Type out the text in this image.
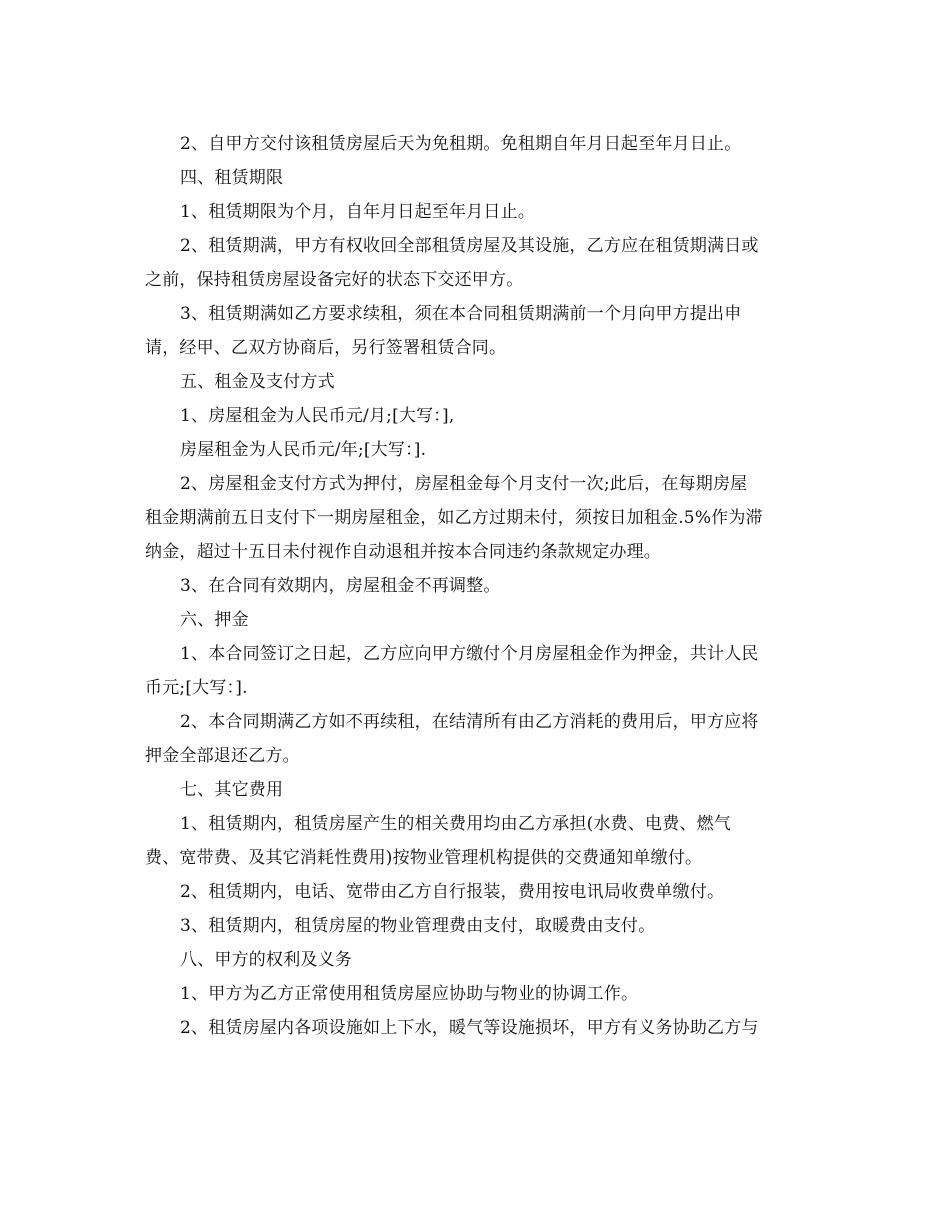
2、自甲方交付该租赁房屋后天为免租期。免租期自年月日起至年月日止。

四、租赁期限

1、租赁期限为个月，自年月日起至年月日止。

2、租赁期满，甲方有权收回全部租赁房屋及其设施，乙方应在租赁期满日或

之前，保持租赁房屋设备完好的状态下交还甲方。

3、租赁期满如乙方要求续租，须在本合同租赁期满前一个月向甲方提出申

请，经甲、乙双方协商后，另行签署租赁合同。

五、租金及支付方式

1、房屋租金为人民币元/月;[大写：],

房屋租金为人民币元/年;[大写：].

2、房屋租金支付方式为押付，房屋租金每个月支付一次;此后，在每期房屋

租金期满前五日支付下一期房屋租金，如乙方过期未付，须按日加租金.5%作为滞

纳金，超过十五日未付视作自动退租并按本合同违约条款规定办理。

3、在合同有效期内，房屋租金不再调整。

六、押金

1、本合同签订之日起，乙方应向甲方缴付个月房屋租金作为押金，共计人民

币元;[大写：].

2、本合同期满乙方如不再续租，在结清所有由乙方消耗的费用后，甲方应将

押金全部退还乙方。

七、其它费用

1、租赁期内，租赁房屋产生的相关费用均由乙方承担(水费、电费、燃气

费、宽带费、及其它消耗性费用)按物业管理机构提供的交费通知单缴付。

2、租赁期内，电话、宽带由乙方自行报装，费用按电讯局收费单缴付。

3、租赁期内，租赁房屋的物业管理费由支付，取暖费由支付。

八、甲方的权利及义务

1、甲方为乙方正常使用租赁房屋应协助与物业的协调工作。

2、租赁房屋内各项设施如上下水，暖气等设施损坏，甲方有义务协助乙方与
